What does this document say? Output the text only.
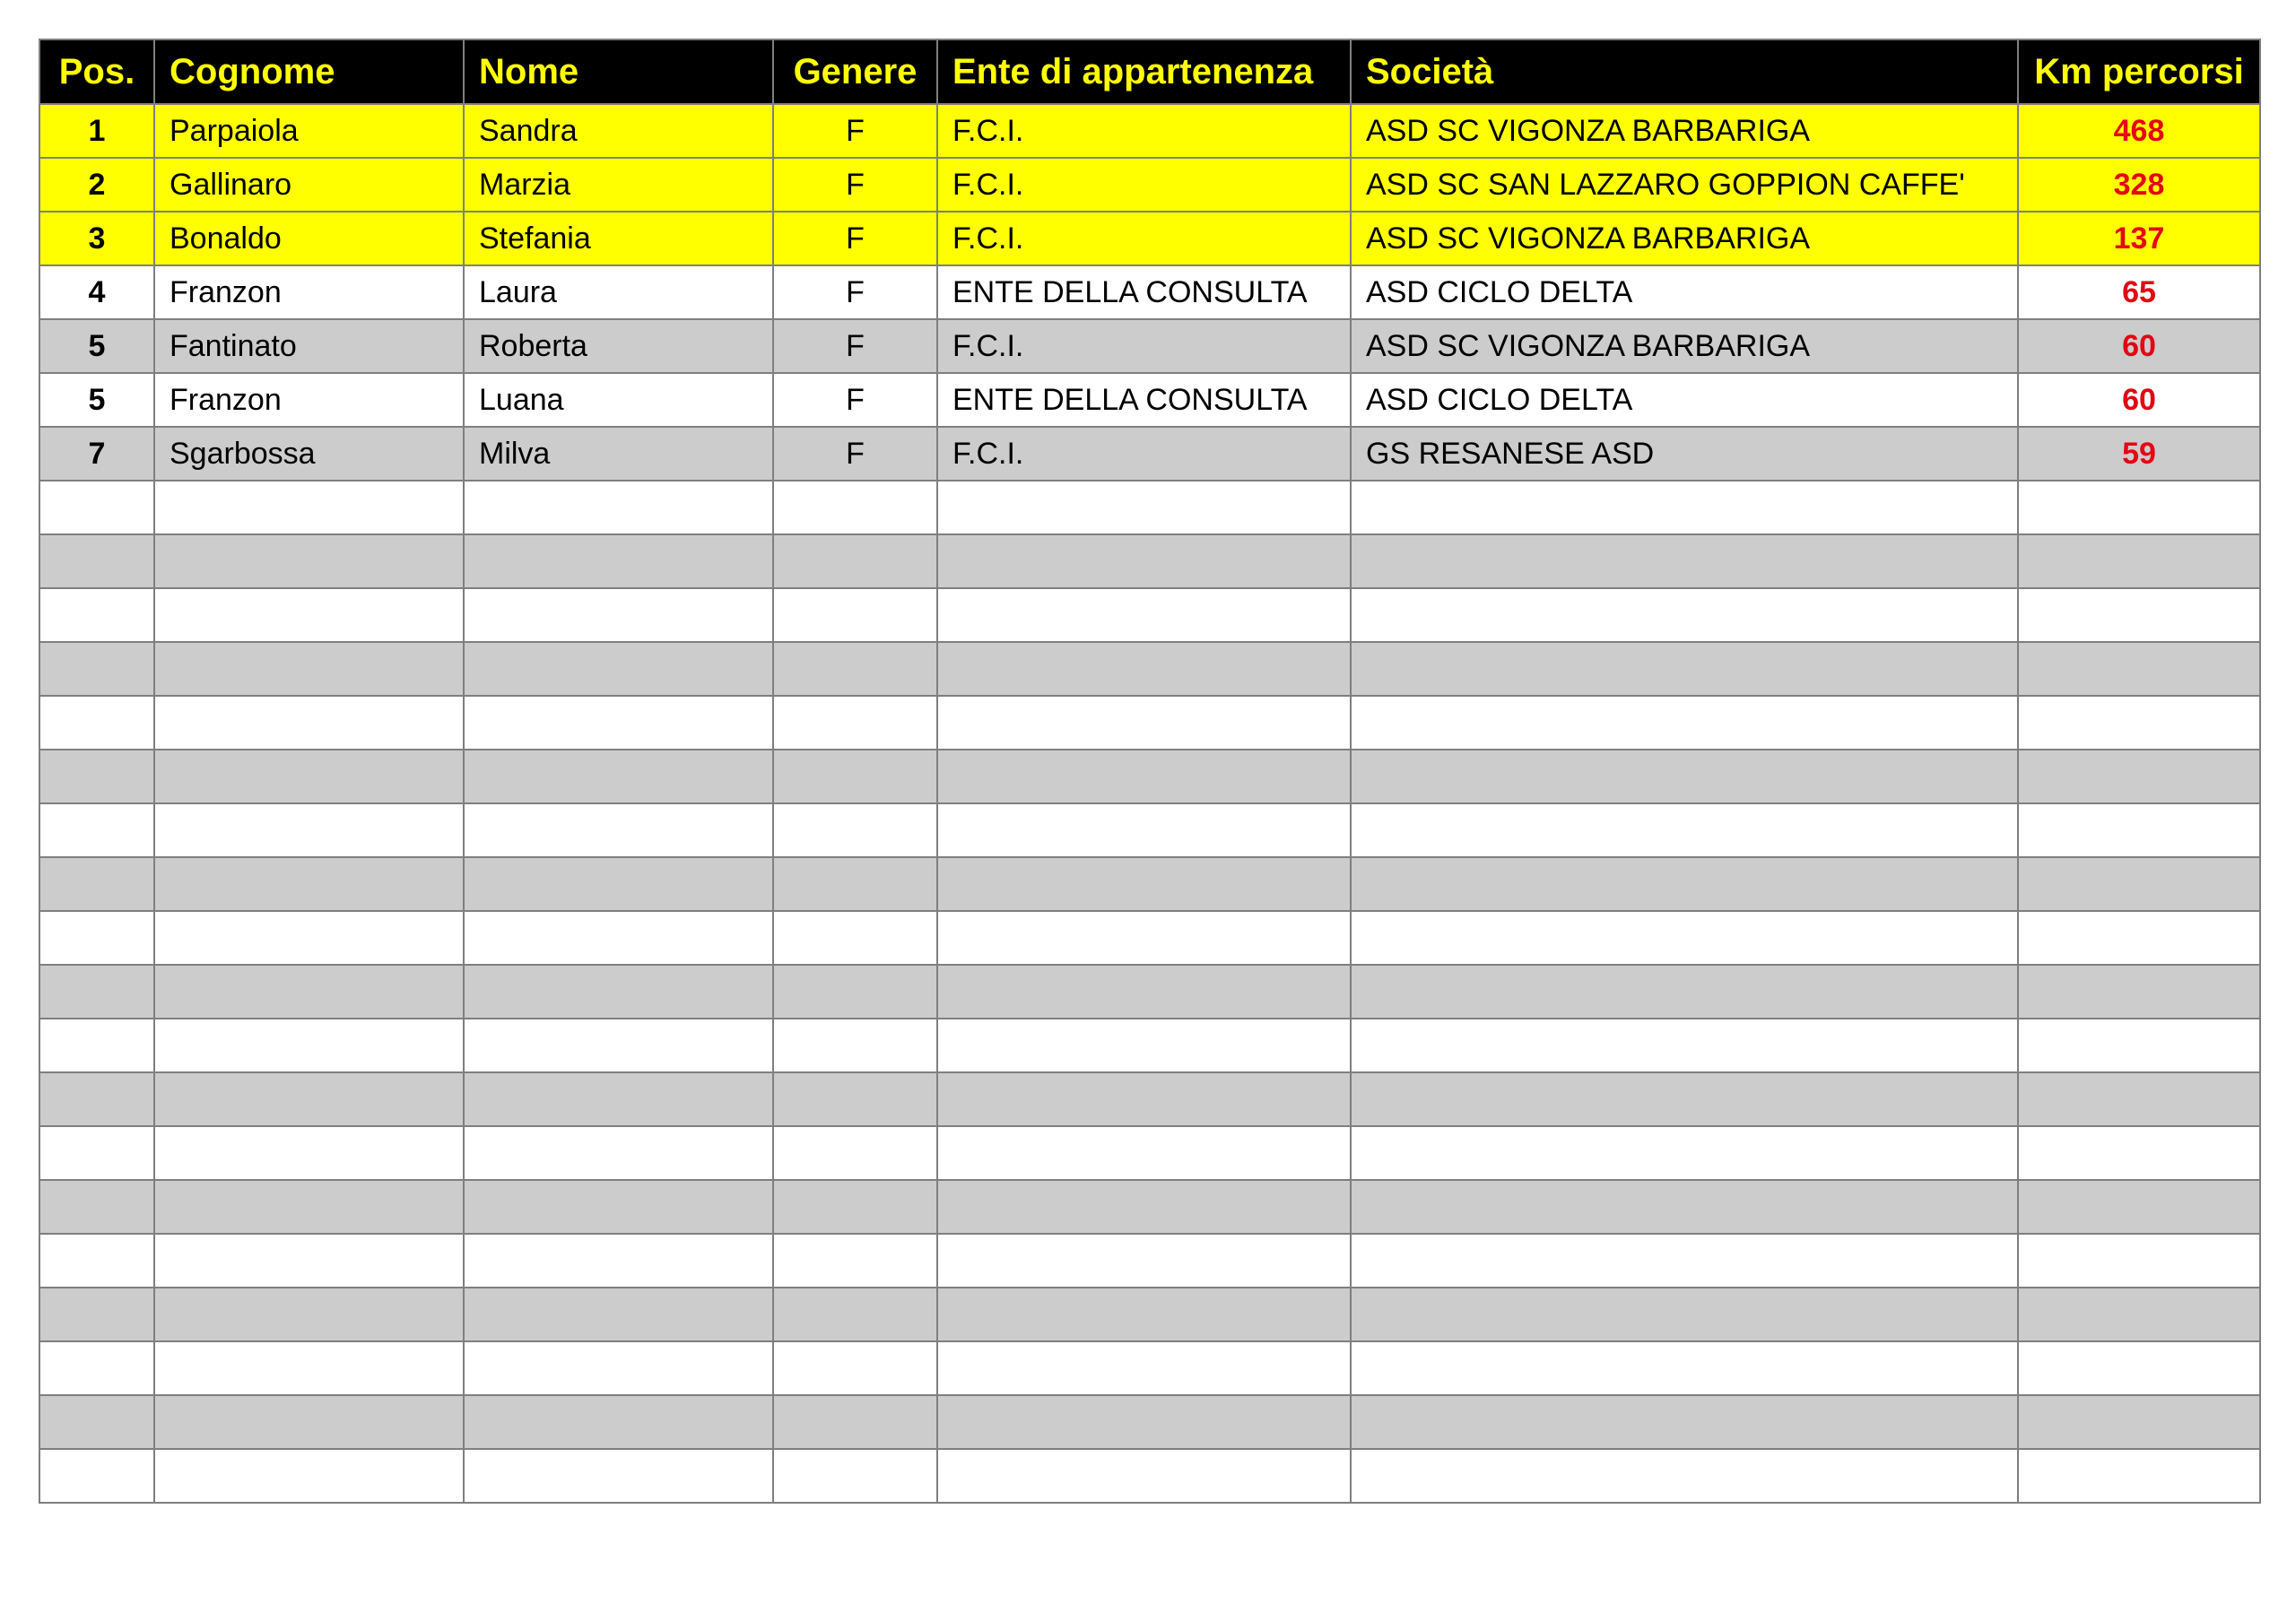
Pos.	Cognome	Nome	Genere	Ente di appartenenza	Società	Km percorsi
1	Parpaiola	Sandra	F	F.C.I.	ASD SC VIGONZA BARBARIGA	468
2	Gallinaro	Marzia	F	F.C.I.	ASD SC SAN LAZZARO GOPPION CAFFE'	328
3	Bonaldo	Stefania	F	F.C.I.	ASD SC VIGONZA BARBARIGA	137
4	Franzon	Laura	F	ENTE DELLA CONSULTA	ASD CICLO DELTA	65
5	Fantinato	Roberta	F	F.C.I.	ASD SC VIGONZA BARBARIGA	60
5	Franzon	Luana	F	ENTE DELLA CONSULTA	ASD CICLO DELTA	60
7	Sgarbossa	Milva	F	F.C.I.	GS RESANESE ASD	59
